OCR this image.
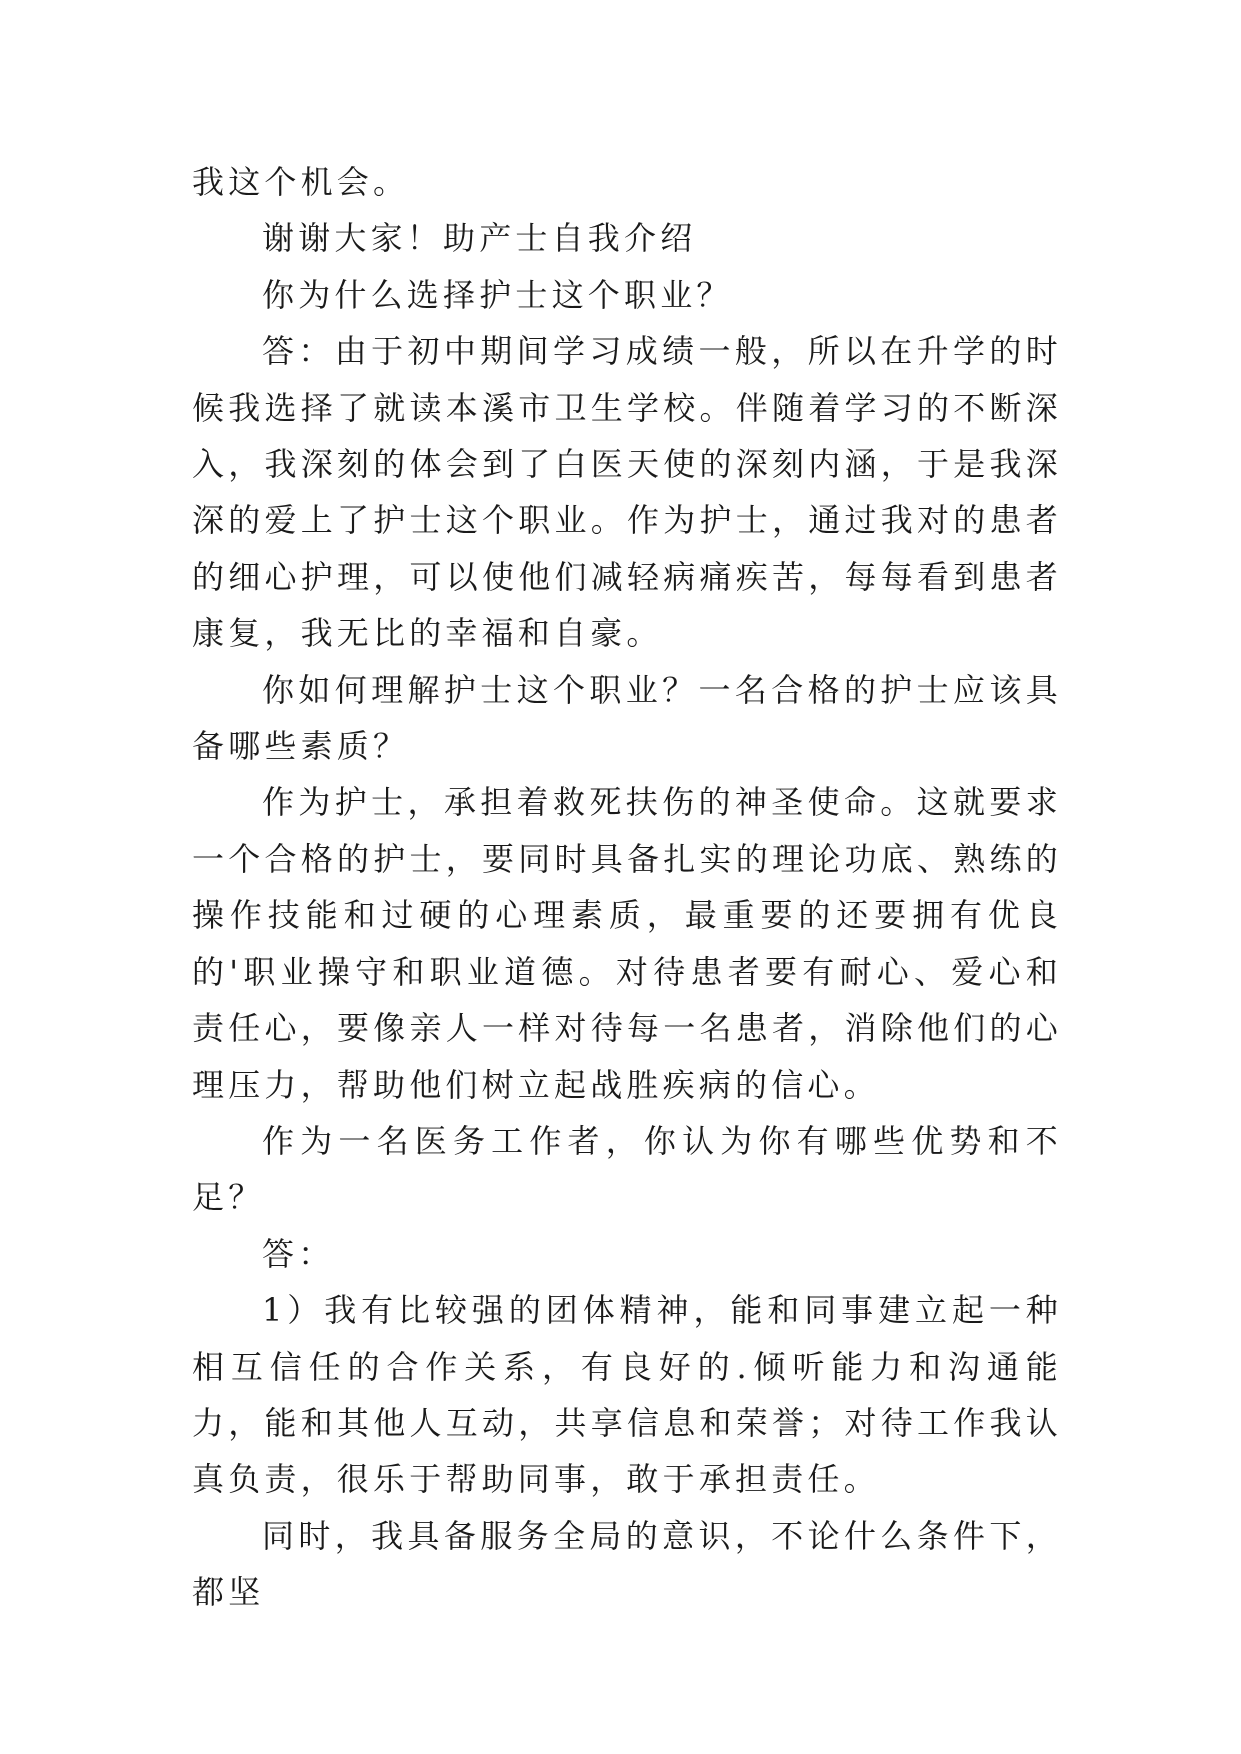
我这个机会。

谢谢大家！助产士自我介绍

你为什么选择护士这个职业？

答：由于初中期间学习成绩一般，所以在升学的时候我选择了就读本溪市卫生学校。伴随着学习的不断深入，我深刻的体会到了白医天使的深刻内涵，于是我深深的爱上了护士这个职业。作为护士，通过我对的患者的细心护理，可以使他们减轻病痛疾苦，每每看到患者康复，我无比的幸福和自豪。

你如何理解护士这个职业？一名合格的护士应该具备哪些素质？

作为护士，承担着救死扶伤的神圣使命。这就要求一个合格的护士，要同时具备扎实的理论功底、熟练的操作技能和过硬的心理素质，最重要的还要拥有优良的'职业操守和职业道德。对待患者要有耐心、爱心和责任心，要像亲人一样对待每一名患者，消除他们的心理压力，帮助他们树立起战胜疾病的信心。

作为一名医务工作者，你认为你有哪些优势和不足？

答：

1）我有比较强的团体精神，能和同事建立起一种相互信任的合作关系，有良好的.倾听能力和沟通能力，能和其他人互动，共享信息和荣誉；对待工作我认真负责，很乐于帮助同事，敢于承担责任。

同时，我具备服务全局的意识，不论什么条件下，都坚
